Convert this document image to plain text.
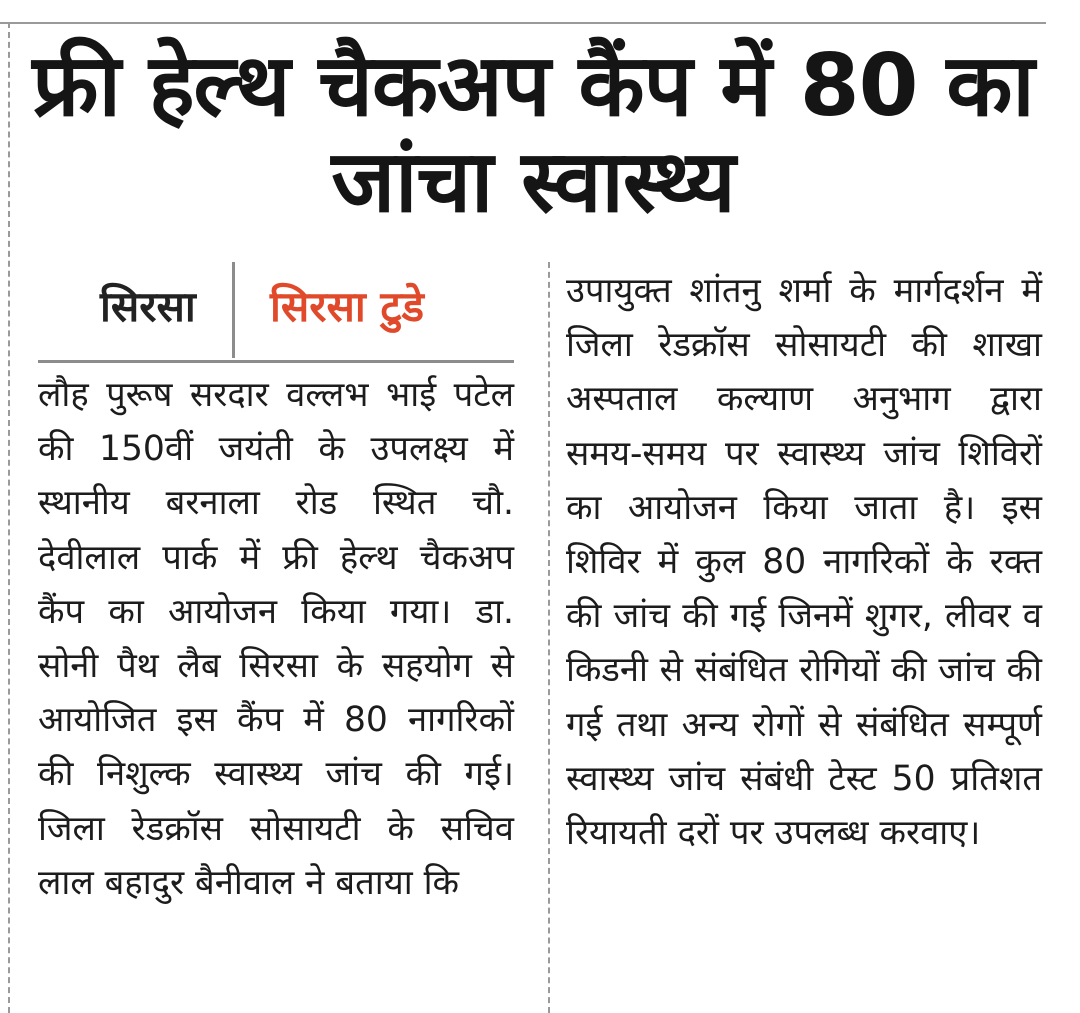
फ्री हेल्थ चैकअप कैंप में 80 का जांचा स्वास्थ्य
सिरसा सिरसा टुडे

लौह पुरूष सरदार वल्लभ भाई पटेल की 150वीं जयंती के उपलक्ष्य में स्थानीय बरनाला रोड स्थित चौ. देवीलाल पार्क में फ्री हेल्थ चैकअप कैंप का आयोजन किया गया। डा. सोनी पैथ लैब सिरसा के सहयोग से आयोजित इस कैंप में 80 नागरिकों की निशुल्क स्वास्थ्य जांच की गई। जिला रेडक्रॉस सोसायटी के सचिव लाल बहादुर बैनीवाल ने बताया कि

उपायुक्त शांतनु शर्मा के मार्गदर्शन में जिला रेडक्रॉस सोसायटी की शाखा अस्पताल कल्याण अनुभाग द्वारा समय-समय पर स्वास्थ्य जांच शिविरों का आयोजन किया जाता है। इस शिविर में कुल 80 नागरिकों के रक्त की जांच की गई जिनमें शुगर, लीवर व किडनी से संबंधित रोगियों की जांच की गई तथा अन्य रोगों से संबंधित सम्पूर्ण स्वास्थ्य जांच संबंधी टेस्ट 50 प्रतिशत रियायती दरों पर उपलब्ध करवाए।
